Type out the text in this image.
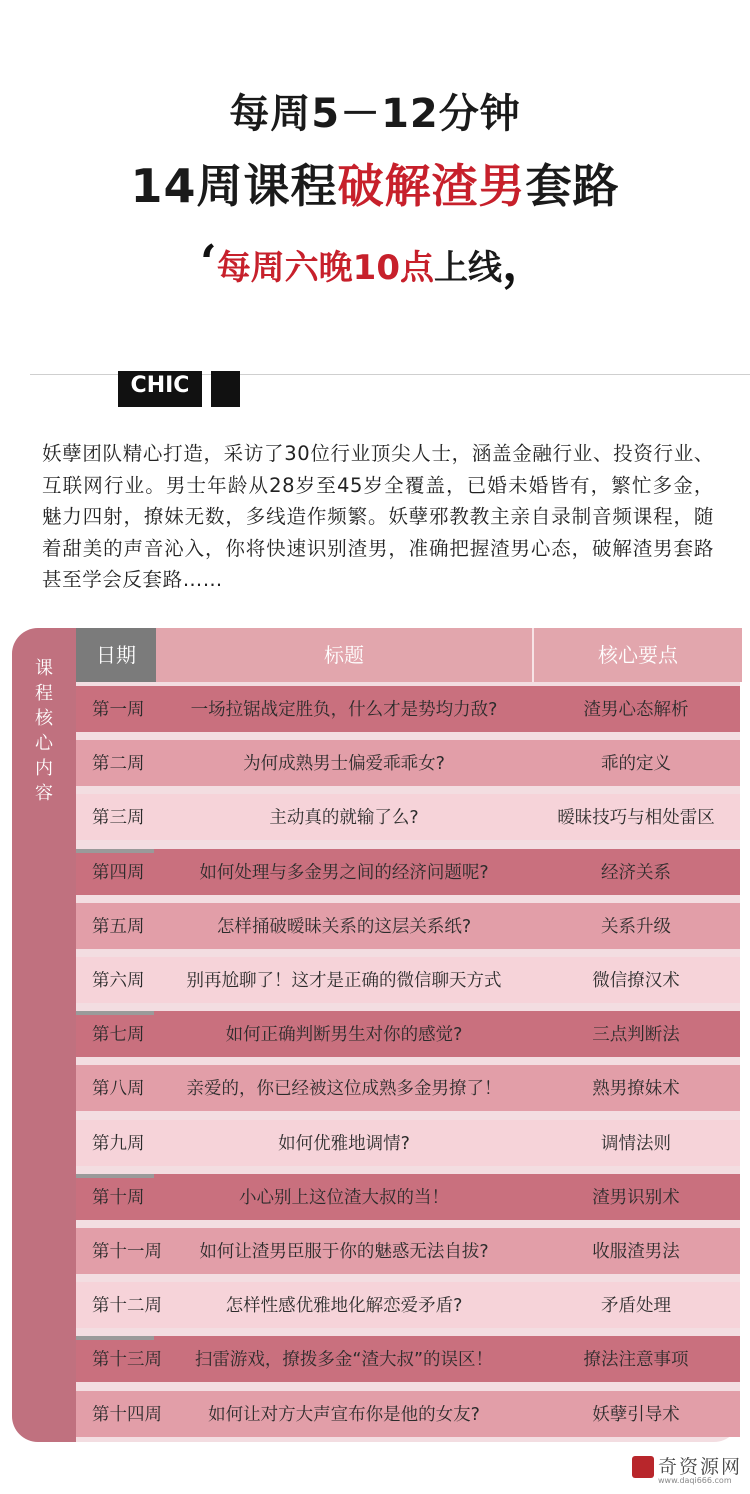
每周5－12分钟
14周课程破解渣男套路
‘每周六晚10点上线，
CHIC
妖孽团队精心打造，采访了30位行业顶尖人士，涵盖金融行业、投资行业、互联网行业。男士年龄从28岁至45岁全覆盖，已婚未婚皆有，繁忙多金，魅力四射，撩妹无数，多线造作频繁。妖孽邪教教主亲自录制音频课程，随着甜美的声音沁入，你将快速识别渣男，准确把握渣男心态，破解渣男套路甚至学会反套路……
课程核心内容
日期	标题	核心要点
第一周	一场拉锯战定胜负，什么才是势均力敌?	渣男心态解析
第二周	为何成熟男士偏爱乖乖女?	乖的定义
第三周	主动真的就输了么?	暧昧技巧与相处雷区
第四周	如何处理与多金男之间的经济问题呢?	经济关系
第五周	怎样捅破暧昧关系的这层关系纸?	关系升级
第六周	别再尬聊了！这才是正确的微信聊天方式	微信撩汉术
第七周	如何正确判断男生对你的感觉?	三点判断法
第八周	亲爱的，你已经被这位成熟多金男撩了！	熟男撩妹术
第九周	如何优雅地调情?	调情法则
第十周	小心别上这位渣大叔的当！	渣男识别术
第十一周	如何让渣男臣服于你的魅惑无法自拔?	收服渣男法
第十二周	怎样性感优雅地化解恋爱矛盾?	矛盾处理
第十三周	扫雷游戏，撩拨多金“渣大叔”的误区！	撩法注意事项
第十四周	如何让对方大声宣布你是他的女友?	妖孽引导术
奇资源网
www.daqi666.com
